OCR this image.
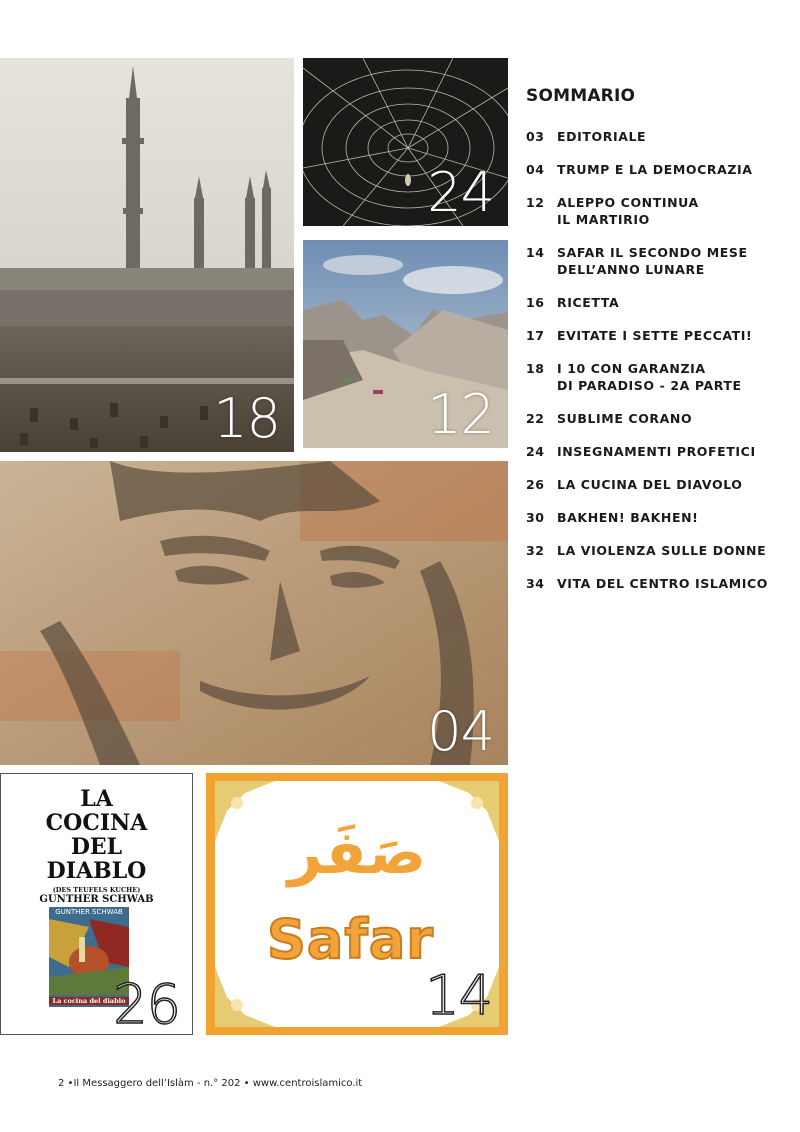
18
24
12
04
LA
COCINA
DEL
DIABLO
(DES TEUFELS KUCHE)
GUNTHER SCHWAB
GUNTHER SCHWAB
La cocina del diablo
26
صَفَر
Safar
14
SOMMARIO
03 EDITORIALE
04 TRUMP E LA DEMOCRAZIA
12 ALEPPO CONTINUA
IL MARTIRIO
14 SAFAR IL SECONDO MESE
DELL’ANNO LUNARE
16 RICETTA
17 EVITATE I SETTE PECCATI!
18 I 10 CON GARANZIA
DI PARADISO - 2A PARTE
22 SUBLIME CORANO
24 INSEGNAMENTI PROFETICI
26 LA CUCINA DEL DIAVOLO
30 BAKHEN! BAKHEN!
32 LA VIOLENZA SULLE DONNE
34 VITA DEL CENTRO ISLAMICO
2 •Il Messaggero dell’Islàm - n.° 202 • www.centroislamico.it
